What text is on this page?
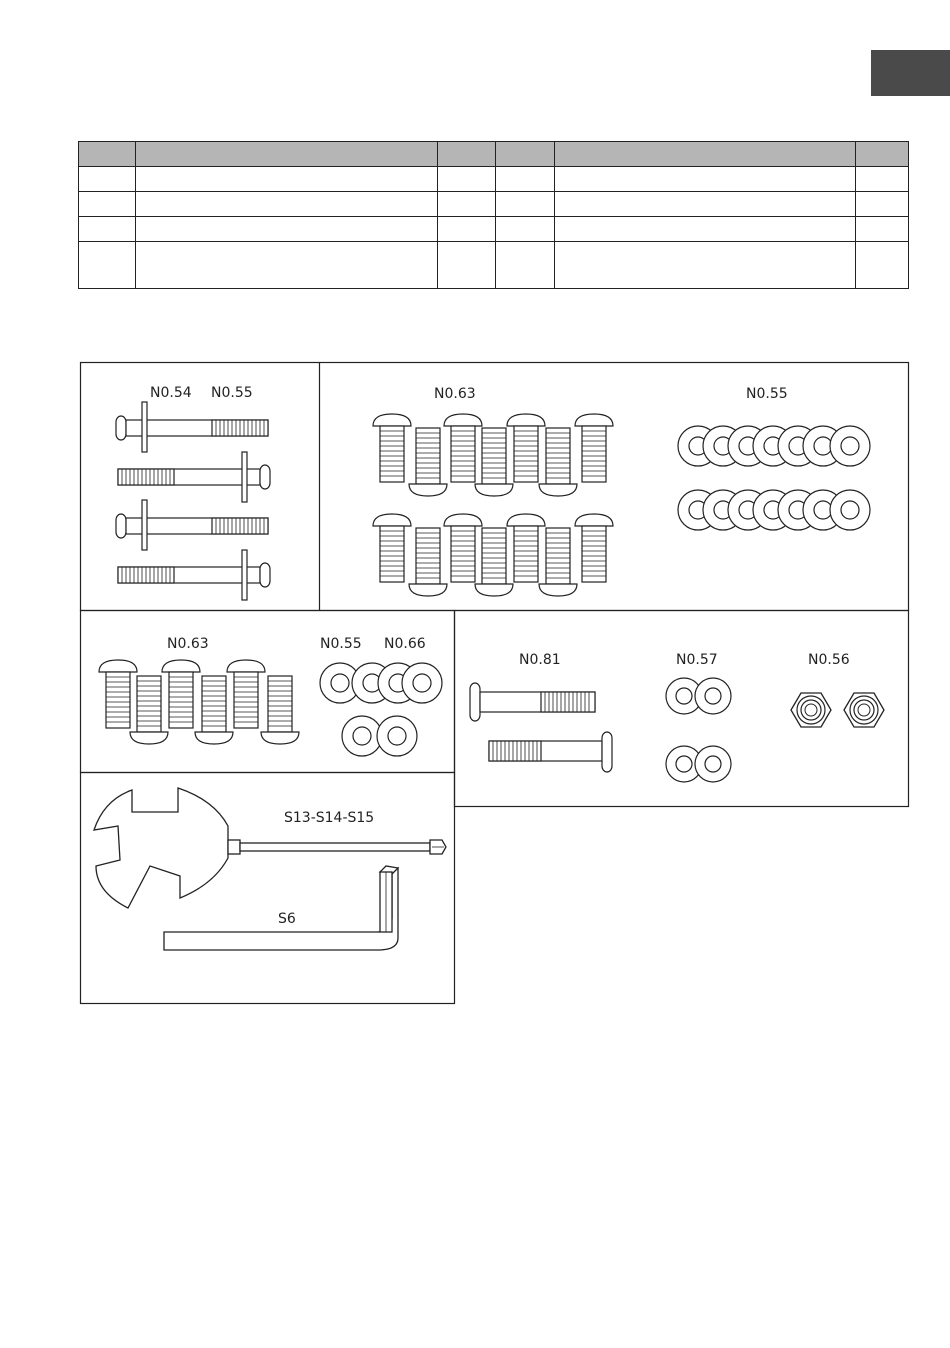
N0.54 N0.55	N0.63	N0.55
N0.63	N0.55 N0.66
N0.81	N0.57	N0.56
S13-S14-S15
S6
